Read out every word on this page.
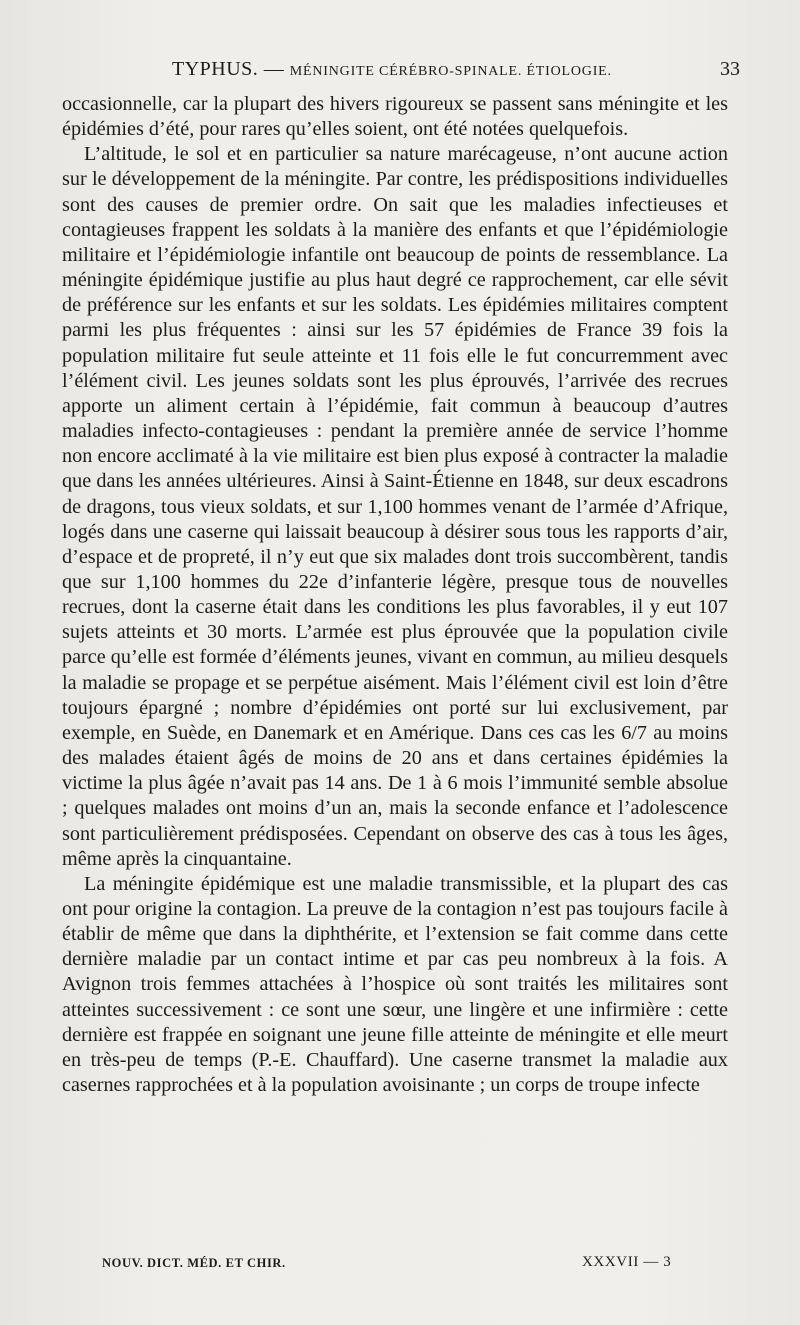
TYPHUS. — MÉNINGITE CÉRÉBRO-SPINALE. ÉTIOLOGIE.	33

occasionnelle, car la plupart des hivers rigoureux se passent sans méningite et les épidémies d’été, pour rares qu’elles soient, ont été notées quelquefois.

L’altitude, le sol et en particulier sa nature marécageuse, n’ont aucune action sur le développement de la méningite. Par contre, les prédispositions individuelles sont des causes de premier ordre. On sait que les maladies infectieuses et contagieuses frappent les soldats à la manière des enfants et que l’épidémiologie militaire et l’épidémiologie infantile ont beaucoup de points de ressemblance. La méningite épidémique justifie au plus haut degré ce rapprochement, car elle sévit de préférence sur les enfants et sur les soldats. Les épidémies militaires comptent parmi les plus fréquentes : ainsi sur les 57 épidémies de France 39 fois la population militaire fut seule atteinte et 11 fois elle le fut concurremment avec l’élément civil. Les jeunes soldats sont les plus éprouvés, l’arrivée des recrues apporte un aliment certain à l’épidémie, fait commun à beaucoup d’autres maladies infecto-contagieuses : pendant la première année de service l’homme non encore acclimaté à la vie militaire est bien plus exposé à contracter la maladie que dans les années ultérieures. Ainsi à Saint-Étienne en 1848, sur deux escadrons de dragons, tous vieux soldats, et sur 1,100 hommes venant de l’armée d’Afrique, logés dans une caserne qui laissait beaucoup à désirer sous tous les rapports d’air, d’espace et de propreté, il n’y eut que six malades dont trois succombèrent, tandis que sur 1,100 hommes du 22e d’infanterie légère, presque tous de nouvelles recrues, dont la caserne était dans les conditions les plus favorables, il y eut 107 sujets atteints et 30 morts. L’armée est plus éprouvée que la population civile parce qu’elle est formée d’éléments jeunes, vivant en commun, au milieu desquels la maladie se propage et se perpétue aisément. Mais l’élément civil est loin d’être toujours épargné ; nombre d’épidémies ont porté sur lui exclusivement, par exemple, en Suède, en Danemark et en Amérique. Dans ces cas les 6/7 au moins des malades étaient âgés de moins de 20 ans et dans certaines épidémies la victime la plus âgée n’avait pas 14 ans. De 1 à 6 mois l’immunité semble absolue ; quelques malades ont moins d’un an, mais la seconde enfance et l’adolescence sont particulièrement prédisposées. Cependant on observe des cas à tous les âges, même après la cinquantaine.

La méningite épidémique est une maladie transmissible, et la plupart des cas ont pour origine la contagion. La preuve de la contagion n’est pas toujours facile à établir de même que dans la diphthérite, et l’extension se fait comme dans cette dernière maladie par un contact intime et par cas peu nombreux à la fois. A Avignon trois femmes attachées à l’hospice où sont traités les militaires sont atteintes successivement : ce sont une sœur, une lingère et une infirmière : cette dernière est frappée en soignant une jeune fille atteinte de méningite et elle meurt en très-peu de temps (P.-E. Chauffard). Une caserne transmet la maladie aux casernes rapprochées et à la population avoisinante ; un corps de troupe infecte

NOUV. DICT. MÉD. ET CHIR.	XXXVII — 3
